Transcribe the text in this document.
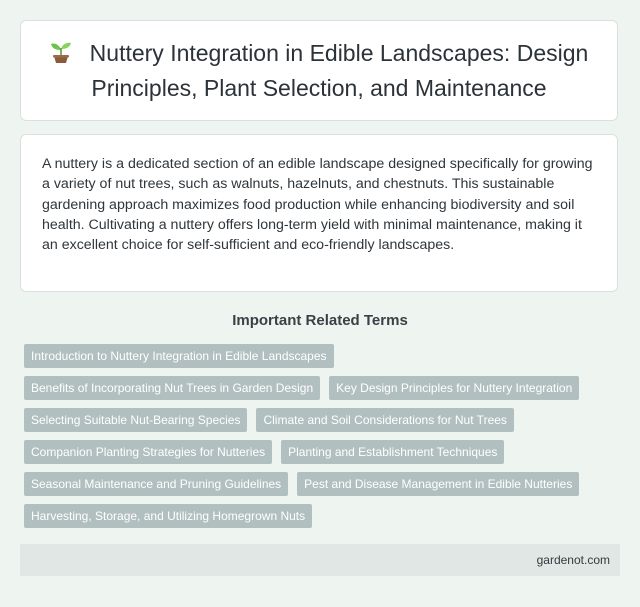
Nuttery Integration in Edible Landscapes: Design Principles, Plant Selection, and Maintenance

A nuttery is a dedicated section of an edible landscape designed specifically for growing a variety of nut trees, such as walnuts, hazelnuts, and chestnuts. This sustainable gardening approach maximizes food production while enhancing biodiversity and soil health. Cultivating a nuttery offers long-term yield with minimal maintenance, making it an excellent choice for self-sufficient and eco-friendly landscapes.

Important Related Terms
Introduction to Nuttery Integration in Edible Landscapes
Benefits of Incorporating Nut Trees in Garden Design	Key Design Principles for Nuttery Integration
Selecting Suitable Nut-Bearing Species	Climate and Soil Considerations for Nut Trees
Companion Planting Strategies for Nutteries	Planting and Establishment Techniques
Seasonal Maintenance and Pruning Guidelines	Pest and Disease Management in Edible Nutteries
Harvesting, Storage, and Utilizing Homegrown Nuts
gardenot.com
